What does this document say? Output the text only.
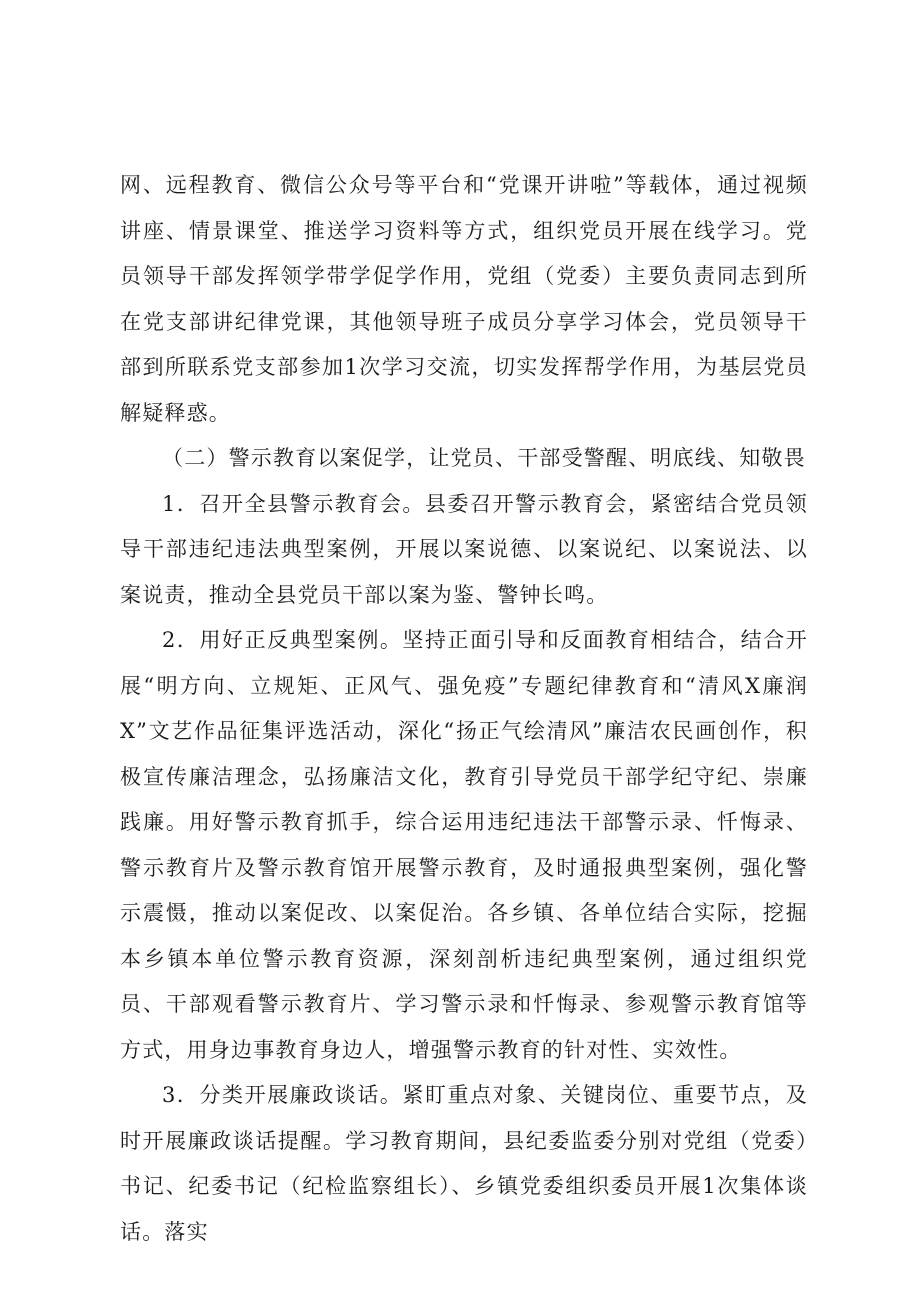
网、远程教育、微信公众号等平台和“党课开讲啦”等载体，通过视频讲座、情景课堂、推送学习资料等方式，组织党员开展在线学习。党员领导干部发挥领学带学促学作用，党组（党委）主要负责同志到所在党支部讲纪律党课，其他领导班子成员分享学习体会，党员领导干部到所联系党支部参加1次学习交流，切实发挥帮学作用，为基层党员解疑释惑。

（二）警示教育以案促学，让党员、干部受警醒、明底线、知敬畏

1．召开全县警示教育会。县委召开警示教育会，紧密结合党员领导干部违纪违法典型案例，开展以案说德、以案说纪、以案说法、以案说责，推动全县党员干部以案为鉴、警钟长鸣。

2．用好正反典型案例。坚持正面引导和反面教育相结合，结合开展“明方向、立规矩、正风气、强免疫”专题纪律教育和“清风X廉润X”文艺作品征集评选活动，深化“扬正气绘清风”廉洁农民画创作，积极宣传廉洁理念，弘扬廉洁文化，教育引导党员干部学纪守纪、崇廉践廉。用好警示教育抓手，综合运用违纪违法干部警示录、忏悔录、警示教育片及警示教育馆开展警示教育，及时通报典型案例，强化警示震慑，推动以案促改、以案促治。各乡镇、各单位结合实际，挖掘本乡镇本单位警示教育资源，深刻剖析违纪典型案例，通过组织党员、干部观看警示教育片、学习警示录和忏悔录、参观警示教育馆等方式，用身边事教育身边人，增强警示教育的针对性、实效性。

3．分类开展廉政谈话。紧盯重点对象、关键岗位、重要节点，及时开展廉政谈话提醒。学习教育期间，县纪委监委分别对党组（党委）书记、纪委书记（纪检监察组长）、乡镇党委组织委员开展1次集体谈话。落实
